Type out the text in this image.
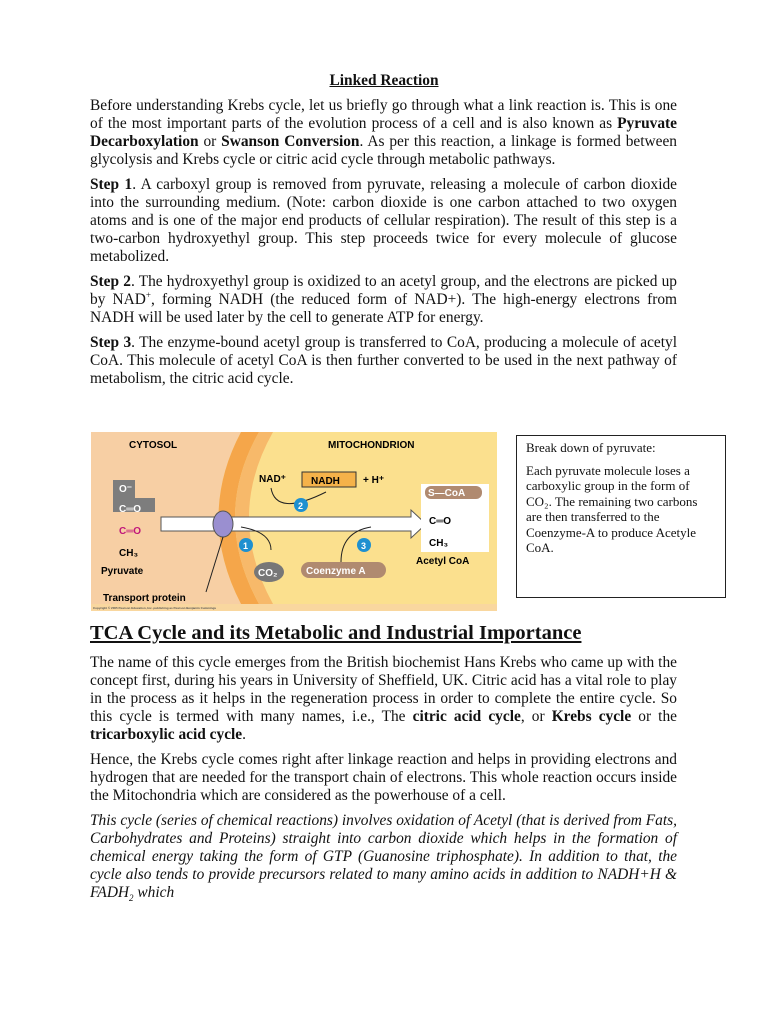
Linked Reaction

Before understanding Krebs cycle, let us briefly go through what a link reaction is. This is one of the most important parts of the evolution process of a cell and is also known as Pyruvate Decarboxylation or Swanson Conversion. As per this reaction, a linkage is formed between glycolysis and Krebs cycle or citric acid cycle through metabolic pathways.

Step 1. A carboxyl group is removed from pyruvate, releasing a molecule of carbon dioxide into the surrounding medium. (Note: carbon dioxide is one carbon attached to two oxygen atoms and is one of the major end products of cellular respiration). The result of this step is a two-carbon hydroxyethyl group. This step proceeds twice for every molecule of glucose metabolized.

Step 2. The hydroxyethyl group is oxidized to an acetyl group, and the electrons are picked up by NAD+, forming NADH (the reduced form of NAD+). The high-energy electrons from NADH will be used later by the cell to generate ATP for energy.

Step 3. The enzyme-bound acetyl group is transferred to CoA, producing a molecule of acetyl CoA. This molecule of acetyl CoA is then further converted to be used in the next pathway of metabolism, the citric acid cycle.

CYTOSOL	MITOCHONDRION
O⁻
C═O
C═O
CH₃
Pyruvate
Transport protein
NAD⁺	NADH + H⁺
2
1	3
CO₂	Coenzyme A
S—CoA
C═O
CH₃
Acetyl CoA
Copyright © 2005 Pearson Education, Inc. publishing as Pearson Benjamin Cummings
Break down of pyruvate:
Each pyruvate molecule loses a carboxylic group in the form of CO₂. The remaining two carbons are then transferred to the Coenzyme-A to produce Acetyle CoA.
TCA Cycle and its Metabolic and Industrial Importance

The name of this cycle emerges from the British biochemist Hans Krebs who came up with the concept first, during his years in University of Sheffield, UK. Citric acid has a vital role to play in the process as it helps in the regeneration process in order to complete the entire cycle. So this cycle is termed with many names, i.e., The citric acid cycle, or Krebs cycle or the tricarboxylic acid cycle.

Hence, the Krebs cycle comes right after linkage reaction and helps in providing electrons and hydrogen that are needed for the transport chain of electrons. This whole reaction occurs inside the Mitochondria which are considered as the powerhouse of a cell.

This cycle (series of chemical reactions) involves oxidation of Acetyl (that is derived from Fats, Carbohydrates and Proteins) straight into carbon dioxide which helps in the formation of chemical energy taking the form of GTP (Guanosine triphosphate). In addition to that, the cycle also tends to provide precursors related to many amino acids in addition to NADH+H & $FADH_2$ which
